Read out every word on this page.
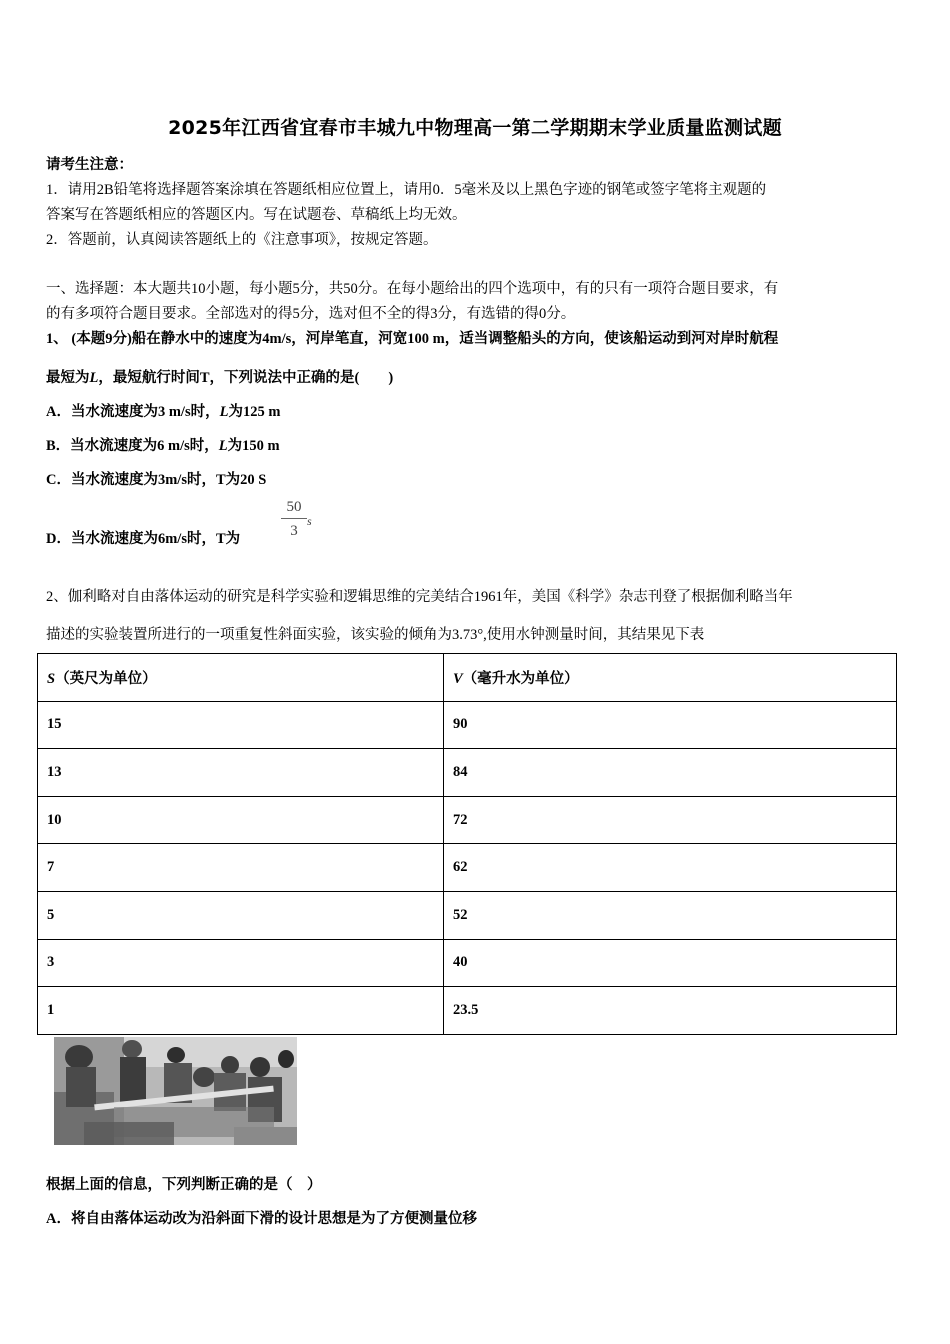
2025年江西省宜春市丰城九中物理高一第二学期期末学业质量监测试题
请考生注意：
1．请用2B铅笔将选择题答案涂填在答题纸相应位置上，请用0．5毫米及以上黑色字迹的钢笔或签字笔将主观题的
答案写在答题纸相应的答题区内。写在试题卷、草稿纸上均无效。
2．答题前，认真阅读答题纸上的《注意事项》，按规定答题。
一、选择题：本大题共10小题，每小题5分，共50分。在每小题给出的四个选项中，有的只有一项符合题目要求，有
的有多项符合题目要求。全部选对的得5分，选对但不全的得3分，有选错的得0分。
1、 (本题9分)船在静水中的速度为4m/s，河岸笔直，河宽100 m，适当调整船头的方向，使该船运动到河对岸时航程
最短为L，最短航行时间T，下列说法中正确的是(　　)
A．当水流速度为3 m/s时，L为125 m
B．当水流速度为6 m/s时，L为150 m
C．当水流速度为3m/s时，T为20 S
D．当水流速度为6m/s时，T为	$\frac{50}{3}$ s
2、伽利略对自由落体运动的研究是科学实验和逻辑思维的完美结合1961年，美国《科学》杂志刊登了根据伽利略当年
描述的实验装置所进行的一项重复性斜面实验，该实验的倾角为3.73°,使用水钟测量时间，其结果见下表
S（英尺为单位）	V（毫升水为单位）
15	90
13	84
10	72
7	62
5	52
3	40
1	23.5
根据上面的信息，下列判断正确的是（　）
A．将自由落体运动改为沿斜面下滑的设计思想是为了方便测量位移
